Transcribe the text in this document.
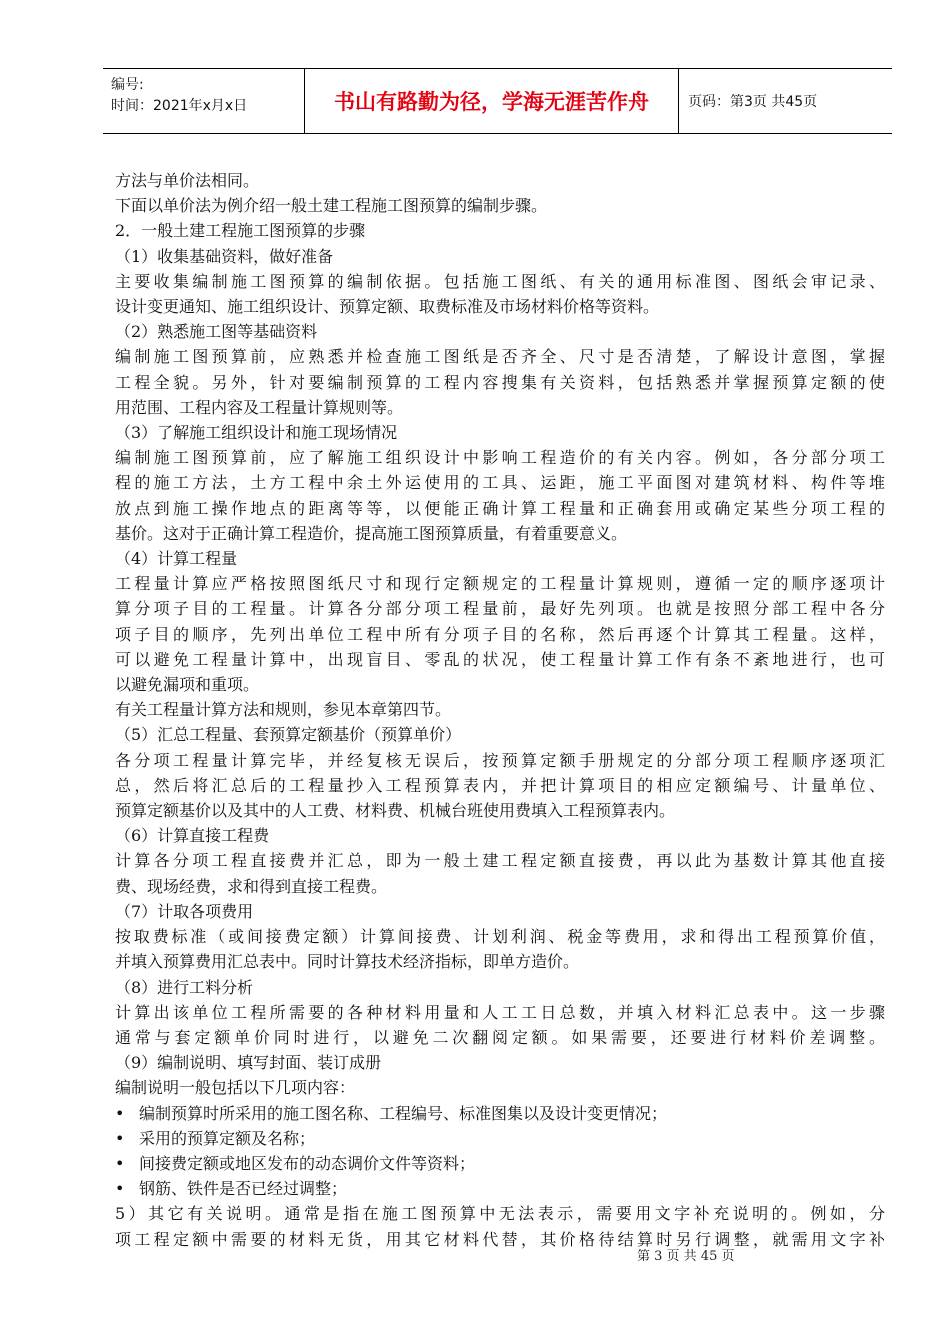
编号:
时间：2021年x月x日	书山有路勤为径，学海无涯苦作舟	页码：第3页 共45页

方法与单价法相同。

下面以单价法为例介绍一般土建工程施工图预算的编制步骤。

2．一般土建工程施工图预算的步骤

（1）收集基础资料，做好准备

主要收集编制施工图预算的编制依据。包括施工图纸、有关的通用标准图、图纸会审记录、

设计变更通知、施工组织设计、预算定额、取费标准及市场材料价格等资料。

（2）熟悉施工图等基础资料

编制施工图预算前，应熟悉并检查施工图纸是否齐全、尺寸是否清楚，了解设计意图，掌握

工程全貌。另外，针对要编制预算的工程内容搜集有关资料，包括熟悉并掌握预算定额的使

用范围、工程内容及工程量计算规则等。

（3）了解施工组织设计和施工现场情况

编制施工图预算前，应了解施工组织设计中影响工程造价的有关内容。例如，各分部分项工

程的施工方法，土方工程中余土外运使用的工具、运距，施工平面图对建筑材料、构件等堆

放点到施工操作地点的距离等等，以便能正确计算工程量和正确套用或确定某些分项工程的

基价。这对于正确计算工程造价，提高施工图预算质量，有着重要意义。

（4）计算工程量

工程量计算应严格按照图纸尺寸和现行定额规定的工程量计算规则，遵循一定的顺序逐项计

算分项子目的工程量。计算各分部分项工程量前，最好先列项。也就是按照分部工程中各分

项子目的顺序，先列出单位工程中所有分项子目的名称，然后再逐个计算其工程量。这样，

可以避免工程量计算中，出现盲目、零乱的状况，使工程量计算工作有条不紊地进行，也可

以避免漏项和重项。

有关工程量计算方法和规则，参见本章第四节。

（5）汇总工程量、套预算定额基价（预算单价）

各分项工程量计算完毕，并经复核无误后，按预算定额手册规定的分部分项工程顺序逐项汇

总，然后将汇总后的工程量抄入工程预算表内，并把计算项目的相应定额编号、计量单位、

预算定额基价以及其中的人工费、材料费、机械台班使用费填入工程预算表内。

（6）计算直接工程费

计算各分项工程直接费并汇总，即为一般土建工程定额直接费，再以此为基数计算其他直接

费、现场经费，求和得到直接工程费。

（7）计取各项费用

按取费标准（或间接费定额）计算间接费、计划利润、税金等费用，求和得出工程预算价值，

并填入预算费用汇总表中。同时计算技术经济指标，即单方造价。

（8）进行工料分析

计算出该单位工程所需要的各种材料用量和人工工日总数，并填入材料汇总表中。这一步骤

通常与套定额单价同时进行，以避免二次翻阅定额。如果需要，还要进行材料价差调整。

（9）编制说明、填写封面、装订成册

编制说明一般包括以下几项内容：

• 编制预算时所采用的施工图名称、工程编号、标准图集以及设计变更情况；

• 采用的预算定额及名称；

• 间接费定额或地区发布的动态调价文件等资料；

• 钢筋、铁件是否已经过调整；

5）其它有关说明。通常是指在施工图预算中无法表示，需要用文字补充说明的。例如，分

项工程定额中需要的材料无货，用其它材料代替，其价格待结算时另行调整，就需用文字补

第 3 页 共 45 页
